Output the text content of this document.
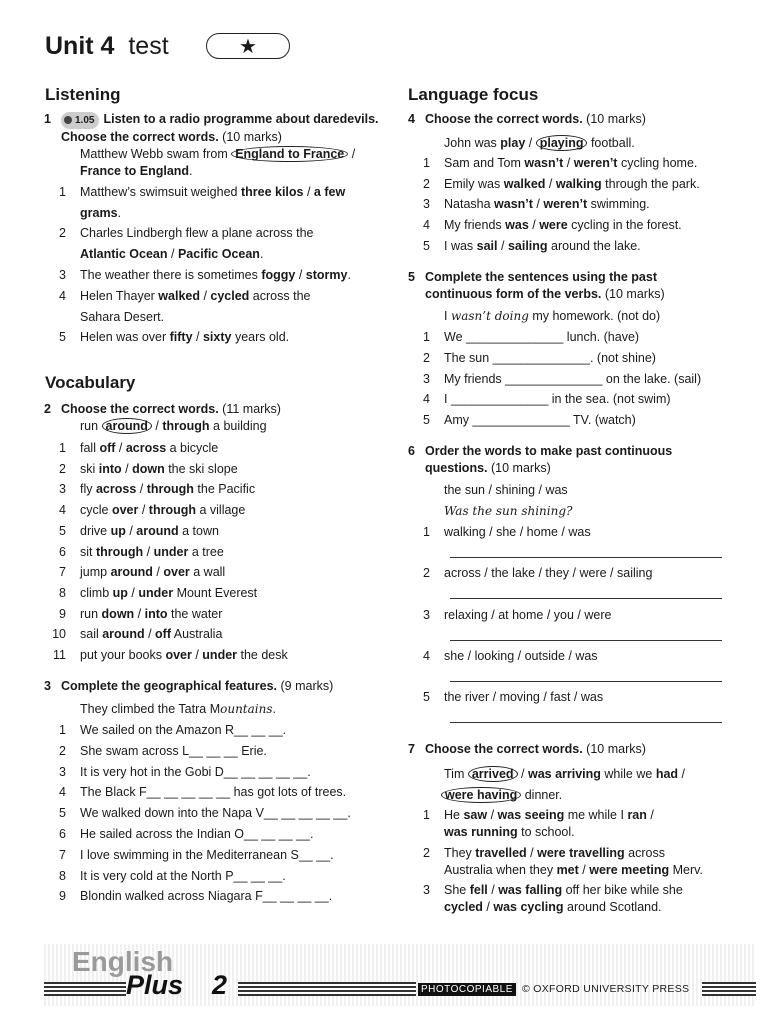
Unit 4 test	★
Listening
1 1.05 Listen to a radio programme about daredevils. Choose the correct words. (10 marks)
Matthew Webb swam from England to France /
France to England.
Vocabulary
2 Choose the correct words. (11 marks)
run around / through a building
3 Complete the geographical features. (9 marks)
They climbed the Tatra Mountains.
Language focus
4 Choose the correct words. (10 marks)
John was play / playing football.
5 Complete the sentences using the past continuous form of the verbs. (10 marks)
I wasn’t doing my homework. (not do)
6 Order the words to make past continuous questions. (10 marks)
the sun / shining / was
Was the sun shining?
7 Choose the correct words. (10 marks)
Tim arrived / was arriving while we had /
were having dinner.
English
Plus 2	PHOTOCOPIABLE © OXFORD UNIVERSITY PRESS
1 Matthew’s swimsuit weighed three kilos / a few
grams.
2 Charles Lindbergh flew a plane across the
Atlantic Ocean / Pacific Ocean.
3 The weather there is sometimes foggy / stormy.
4 Helen Thayer walked / cycled across the
Sahara Desert.
5 Helen was over fifty / sixty years old.
1 fall off / across a bicycle
2 ski into / down the ski slope
3 fly across / through the Pacific
4 cycle over / through a village
5 drive up / around a town
6 sit through / under a tree
7 jump around / over a wall
8 climb up / under Mount Everest
9 run down / into the water
10 sail around / off Australia
11 put your books over / under the desk
1 We sailed on the Amazon R__ __ __.
2 She swam across L__ __ __ Erie.
3 It is very hot in the Gobi D__ __ __ __ __.
4 The Black F__ __ __ __ __ has got lots of trees.
5 We walked down into the Napa V__ __ __ __ __.
6 He sailed across the Indian O__ __ __ __.
7 I love swimming in the Mediterranean S__ __.
8 It is very cold at the North P__ __ __.
9 Blondin walked across Niagara F__ __ __ __.
1 Sam and Tom wasn’t / weren’t cycling home.
2 Emily was walked / walking through the park.
3 Natasha wasn’t / weren’t swimming.
4 My friends was / were cycling in the forest.
5 I was sail / sailing around the lake.
1 We ______________ lunch. (have)
2 The sun ______________. (not shine)
3 My friends ______________ on the lake. (sail)
4 I ______________ in the sea. (not swim)
5 Amy ______________ TV. (watch)
1 walking / she / home / was
2 across / the lake / they / were / sailing
3 relaxing / at home / you / were
4 she / looking / outside / was
5 the river / moving / fast / was
1 He saw / was seeing me while I ran /
was running to school.
2 They travelled / were travelling across
Australia when they met / were meeting Merv.
3 She fell / was falling off her bike while she
cycled / was cycling around Scotland.
